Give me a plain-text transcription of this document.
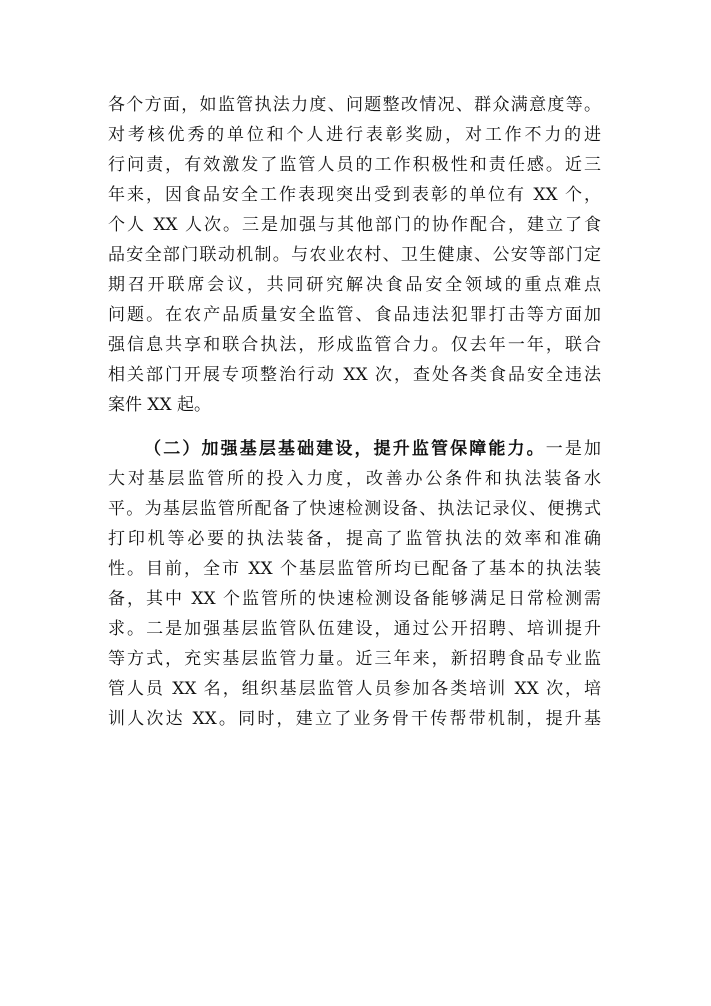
各个方面，如监管执法力度、问题整改情况、群众满意度等。
对考核优秀的单位和个人进行表彰奖励，对工作不力的进
行问责，有效激发了监管人员的工作积极性和责任感。近三
年来，因食品安全工作表现突出受到表彰的单位有 XX 个，
个人 XX 人次。三是加强与其他部门的协作配合，建立了食
品安全部门联动机制。与农业农村、卫生健康、公安等部门定
期召开联席会议，共同研究解决食品安全领域的重点难点
问题。在农产品质量安全监管、食品违法犯罪打击等方面加
强信息共享和联合执法，形成监管合力。仅去年一年，联合
相关部门开展专项整治行动 XX 次，查处各类食品安全违法
案件 XX 起。
（二）加强基层基础建设，提升监管保障能力。一是加
大对基层监管所的投入力度，改善办公条件和执法装备水
平。为基层监管所配备了快速检测设备、执法记录仪、便携式
打印机等必要的执法装备，提高了监管执法的效率和准确
性。目前，全市 XX 个基层监管所均已配备了基本的执法装
备，其中 XX 个监管所的快速检测设备能够满足日常检测需
求。二是加强基层监管队伍建设，通过公开招聘、培训提升
等方式，充实基层监管力量。近三年来，新招聘食品专业监
管人员 XX 名，组织基层监管人员参加各类培训 XX 次，培
训人次达 XX。同时，建立了业务骨干传帮带机制，提升基
